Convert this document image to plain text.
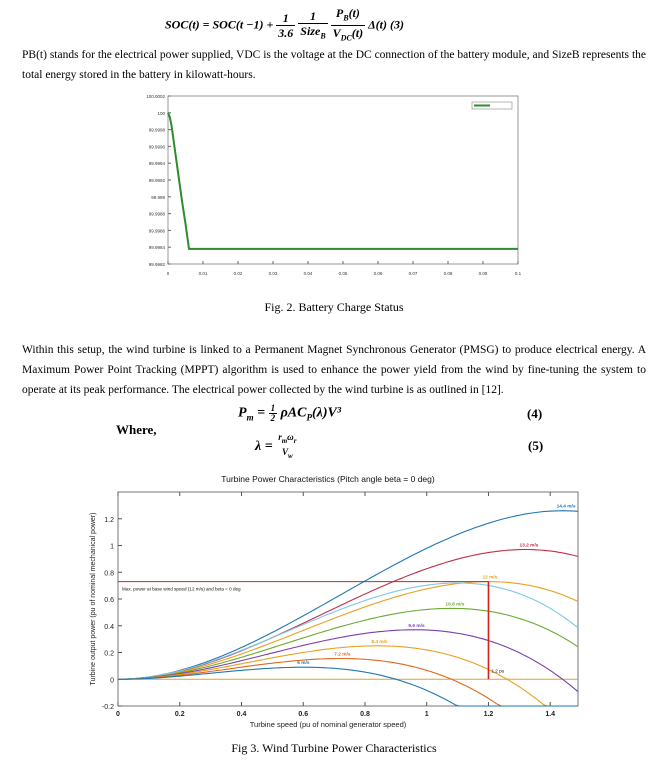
$SOC(t) = SOC(t -1) + \frac{1}{3.6}$
$\frac{1}{Size_B}$
$\frac{P_B(t)}{V_{DC}(t)} \Delta(t)$ (3)
PB(t) stands for the electrical power supplied, VDC is the voltage at the DC connection of the battery module, and SizeB represents the total energy stored in the battery in kilowatt-hours.
100.0002
100
99.9998
99.9996
99.9994
99.9992
99.999
99.9988
99.9986
99.9984
99.9982
0	0.01	0.02	0.03	0.04	0.05	0.06	0.07	0.08	0.09	0.1
Fig. 2. Battery Charge Status
Within this setup, the wind turbine is linked to a Permanent Magnet Synchronous Generator (PMSG) to produce electrical energy. A Maximum Power Point Tracking (MPPT) algorithm is used to enhance the power yield from the wind by fine-tuning the system to operate at its peak performance. The electrical power collected by the wind turbine is as outlined in [12].
$P_m = \frac{1}{2} \rho AC_P(\lambda)V^3$	(4)
Where,
λ =
$r_m\omega_r$
$V_w$
(5)
Turbine Power Characteristics (Pitch angle beta = 0 deg)
-0.2
0
0.2
0.4
0.6
0.8
1
1.2
0	0.2	0.4	0.6	0.8	1	1.2	1.4
Turbine speed (pu of nominal generator speed)
Turbine output power (pu of nominal mechanical power)
14.4 m/s
13.2 m/s
12 m/s
10.8 m/s
9.6 m/s
8.4 m/s
7.2 m/s
6 m/s
Max. power at base wind speed (12 m/s) and beta = 0 deg
1.2 pu
Fig 3. Wind Turbine Power Characteristics
